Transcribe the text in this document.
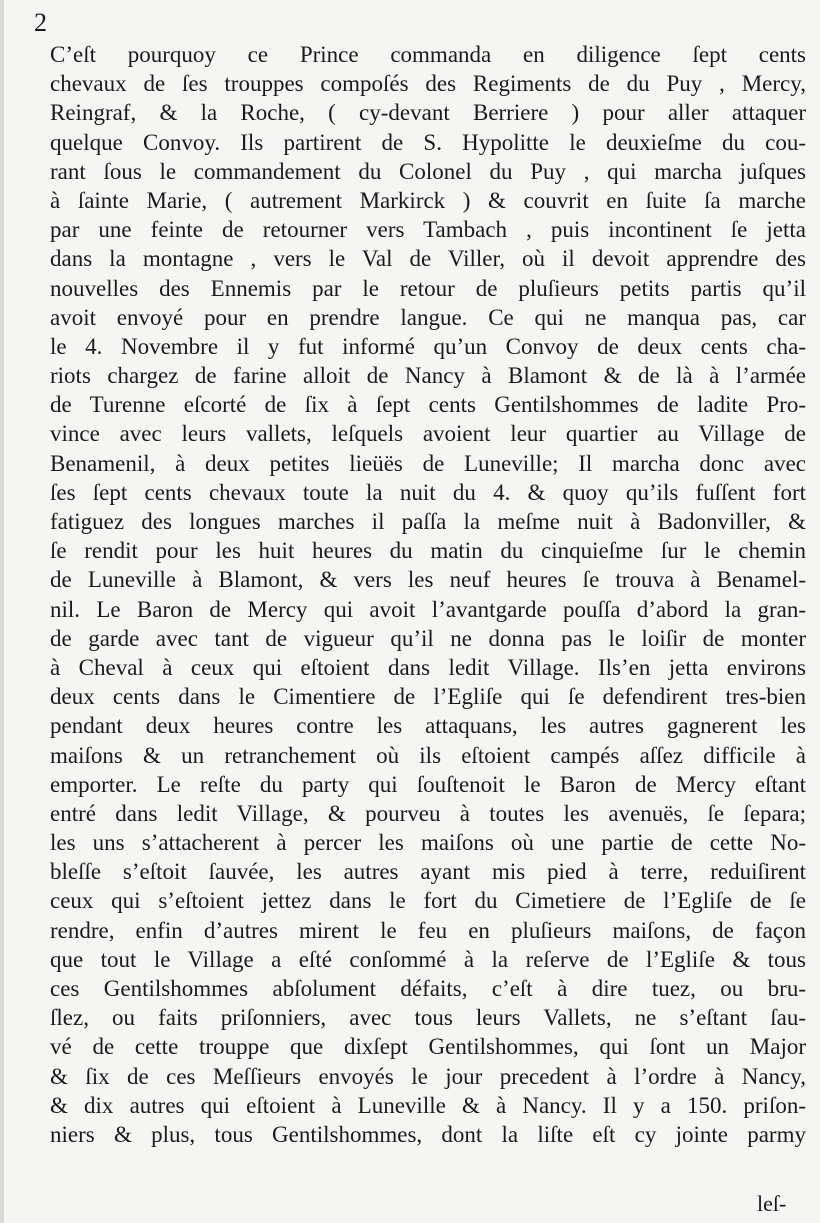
2
C’eſt pourquoy ce Prince commanda en diligence ſept cents
chevaux de ſes trouppes compoſés des Regiments de du Puy , Mercy,
Reingraf, & la Roche, ( cy-devant Berriere ) pour aller attaquer
quelque Convoy. Ils partirent de S. Hypolitte le deuxieſme du cou-
rant ſous le commandement du Colonel du Puy , qui marcha juſques
à ſainte Marie, ( autrement Markirck ) & couvrit en ſuite ſa marche
par une feinte de retourner vers Tambach , puis incontinent ſe jetta
dans la montagne , vers le Val de Viller, où il devoit apprendre des
nouvelles des Ennemis par le retour de pluſieurs petits partis qu’il
avoit envoyé pour en prendre langue. Ce qui ne manqua pas, car
le 4. Novembre il y fut informé qu’un Convoy de deux cents cha-
riots chargez de farine alloit de Nancy à Blamont & de là à l’armée
de Turenne eſcorté de ſix à ſept cents Gentilshommes de ladite Pro-
vince avec leurs vallets, leſquels avoient leur quartier au Village de
Benamenil, à deux petites lieüës de Luneville; Il marcha donc avec
ſes ſept cents chevaux toute la nuit du 4. & quoy qu’ils fuſſent fort
fatiguez des longues marches il paſſa la meſme nuit à Badonviller, &
ſe rendit pour les huit heures du matin du cinquieſme ſur le chemin
de Luneville à Blamont, & vers les neuf heures ſe trouva à Benamel-
nil. Le Baron de Mercy qui avoit l’avantgarde pouſſa d’abord la gran-
de garde avec tant de vigueur qu’il ne donna pas le loiſir de monter
à Cheval à ceux qui eſtoient dans ledit Village. Ils’en jetta environs
deux cents dans le Cimentiere de l’Egliſe qui ſe defendirent tres-bien
pendant deux heures contre les attaquans, les autres gagnerent les
maiſons & un retranchement où ils eſtoient campés aſſez difficile à
emporter. Le reſte du party qui ſouſtenoit le Baron de Mercy eſtant
entré dans ledit Village, & pourveu à toutes les avenuës, ſe ſepara;
les uns s’attacherent à percer les maiſons où une partie de cette No-
bleſſe s’eſtoit ſauvée, les autres ayant mis pied à terre, reduiſirent
ceux qui s’eſtoient jettez dans le fort du Cimetiere de l’Egliſe de ſe
rendre, enfin d’autres mirent le feu en pluſieurs maiſons, de façon
que tout le Village a eſté conſommé à la reſerve de l’Egliſe & tous
ces Gentilshommes abſolument défaits, c’eſt à dire tuez, ou bru-
ſlez, ou faits priſonniers, avec tous leurs Vallets, ne s’eſtant ſau-
vé de cette trouppe que dixſept Gentilshommes, qui ſont un Major
& ſix de ces Meſſieurs envoyés le jour precedent à l’ordre à Nancy,
& dix autres qui eſtoient à Luneville & à Nancy. Il y a 150. priſon-
niers & plus, tous Gentilshommes, dont la liſte eſt cy jointe parmy
leſ-
